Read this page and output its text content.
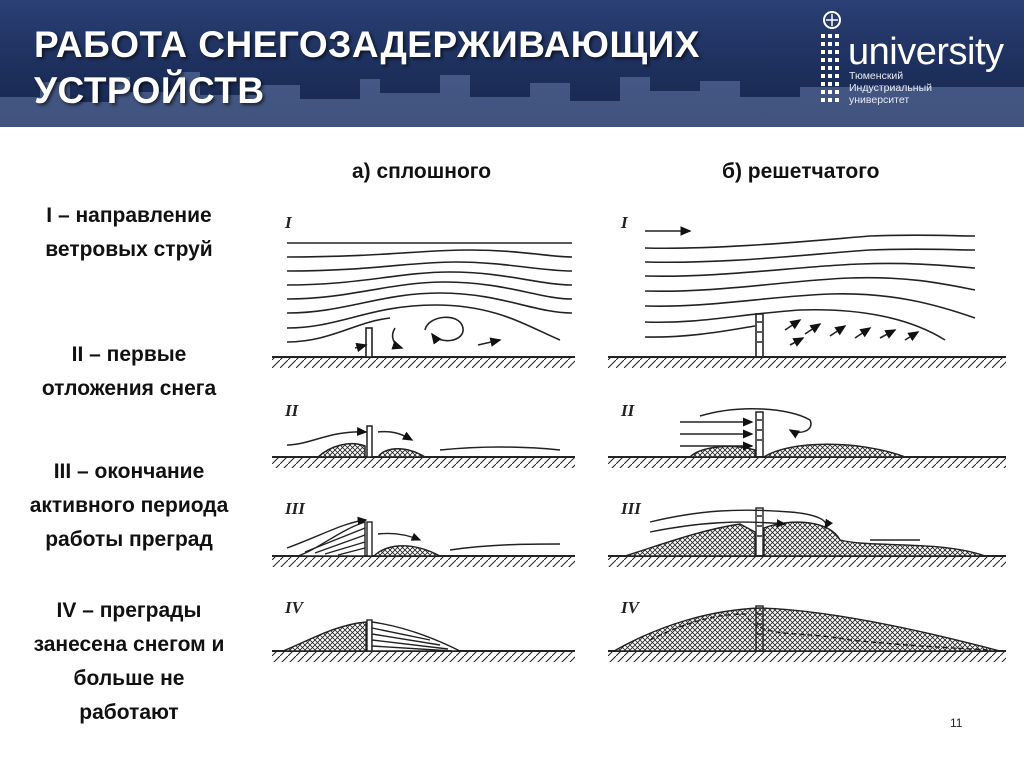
РАБОТА СНЕГОЗАДЕРЖИВАЮЩИХ
УСТРОЙСТВ
university
Тюменский
Индустриальный
университет
а) сплошного	б) решетчатого
I – направление
ветровых струй
II – первые
отложения снега
III – окончание
активного периода
работы преград
IV – преграды
занесена снегом и
больше не
работают
I	I
II	II
III	III
IV	IV
11
